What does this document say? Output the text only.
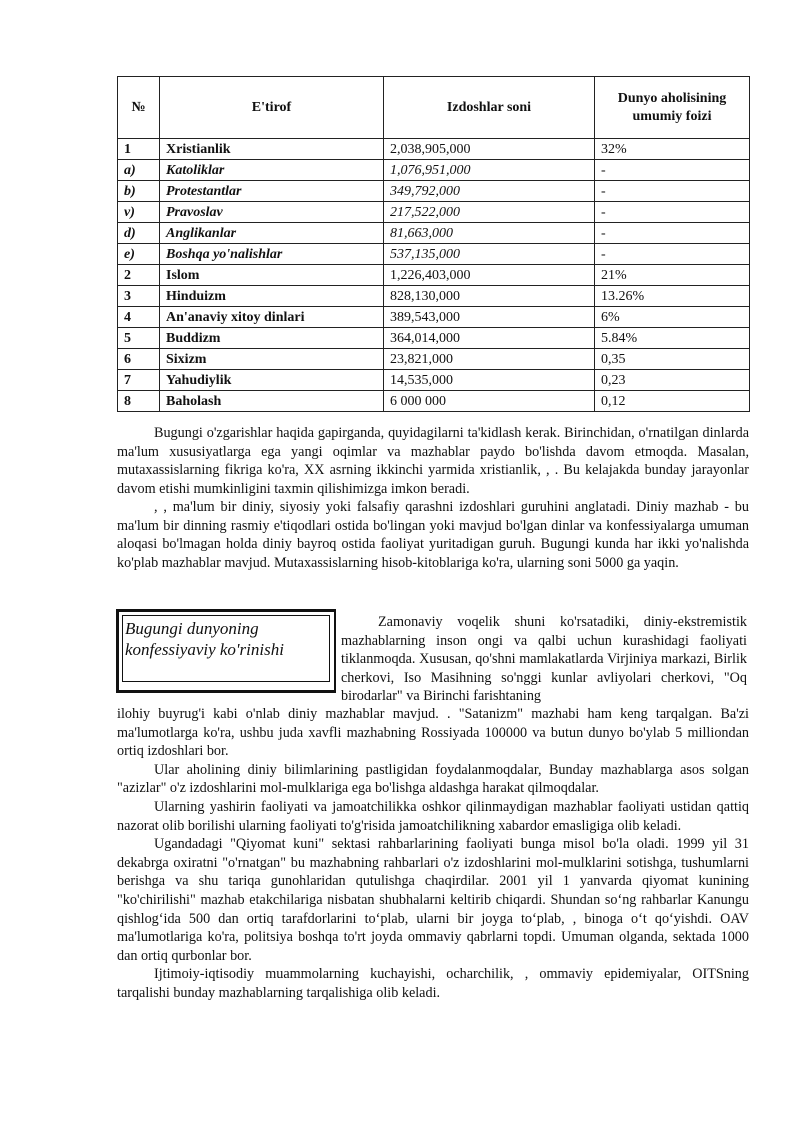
№	E'tirof	Izdoshlar soni	Dunyo aholisining umumiy foizi
1	Xristianlik	2,038,905,000	32%
a)	Katoliklar	1,076,951,000	-
b)	Protestantlar	349,792,000	-
v)	Pravoslav	217,522,000	-
d)	Anglikanlar	81,663,000	-
e)	Boshqa yo'nalishlar	537,135,000	-
2	Islom	1,226,403,000	21%
3	Hinduizm	828,130,000	13.26%
4	An'anaviy xitoy dinlari	389,543,000	6%
5	Buddizm	364,014,000	5.84%
6	Sixizm	23,821,000	0,35
7	Yahudiylik	14,535,000	0,23
8	Baholash	6 000 000	0,12

Bugungi o'zgarishlar haqida gapirganda, quyidagilarni ta'kidlash kerak. Birinchidan, o'rnatilgan dinlarda ma'lum xususiyatlarga ega yangi oqimlar va mazhablar paydo bo'lishda davom etmoqda. Masalan, mutaxassislarning fikriga ko'ra, XX asrning ikkinchi yarmida xristianlik, , . Bu kelajakda bunday jarayonlar davom etishi mumkinligini taxmin qilishimizga imkon beradi.

, , ma'lum bir diniy, siyosiy yoki falsafiy qarashni izdoshlari guruhini anglatadi. Diniy mazhab - bu ma'lum bir dinning rasmiy e'tiqodlari ostida bo'lingan yoki mavjud bo'lgan dinlar va konfessiyalarga umuman aloqasi bo'lmagan holda diniy bayroq ostida faoliyat yuritadigan guruh. Bugungi kunda har ikki yo'nalishda ko'plab mazhablar mavjud. Mutaxassislarning hisob-kitoblariga ko'ra, ularning soni 5000 ga yaqin.

Bugungi dunyoning konfessiyaviy ko'rinishi

Zamonaviy voqelik shuni ko'rsatadiki, diniy-ekstremistik mazhablarning inson ongi va qalbi uchun kurashidagi faoliyati tiklanmoqda. Xususan, qo'shni mamlakatlarda Virjiniya markazi, Birlik cherkovi, Iso Masihning so'nggi kunlar avliyolari cherkovi, "Oq birodarlar" va Birinchi farishtaning

ilohiy buyrug'i kabi o'nlab diniy mazhablar mavjud. . "Satanizm" mazhabi ham keng tarqalgan. Ba'zi ma'lumotlarga ko'ra, ushbu juda xavfli mazhabning Rossiyada 100000 va butun dunyo bo'ylab 5 milliondan ortiq izdoshlari bor.

Ular aholining diniy bilimlarining pastligidan foydalanmoqdalar, Bunday mazhablarga asos solgan "azizlar" o'z izdoshlarini mol-mulklariga ega bo'lishga aldashga harakat qilmoqdalar.

Ularning yashirin faoliyati va jamoatchilikka oshkor qilinmaydigan mazhablar faoliyati ustidan qattiq nazorat olib borilishi ularning faoliyati to'g'risida jamoatchilikning xabardor emasligiga olib keladi.

Ugandadagi "Qiyomat kuni" sektasi rahbarlarining faoliyati bunga misol bo'la oladi. 1999 yil 31 dekabrga oxiratni "o'rnatgan" bu mazhabning rahbarlari o'z izdoshlarini mol-mulklarini sotishga, tushumlarni berishga va shu tariqa gunohlaridan qutulishga chaqirdilar. 2001 yil 1 yanvarda qiyomat kunining "ko'chirilishi" mazhab etakchilariga nisbatan shubhalarni keltirib chiqardi. Shundan so‘ng rahbarlar Kanungu qishlog‘ida 500 dan ortiq tarafdorlarini to‘plab, ularni bir joyga to‘plab, , binoga o‘t qo‘yishdi. OAV ma'lumotlariga ko'ra, politsiya boshqa to'rt joyda ommaviy qabrlarni topdi. Umuman olganda, sektada 1000 dan ortiq qurbonlar bor.

Ijtimoiy-iqtisodiy muammolarning kuchayishi, ocharchilik, , ommaviy epidemiyalar, OITSning tarqalishi bunday mazhablarning tarqalishiga olib keladi.
